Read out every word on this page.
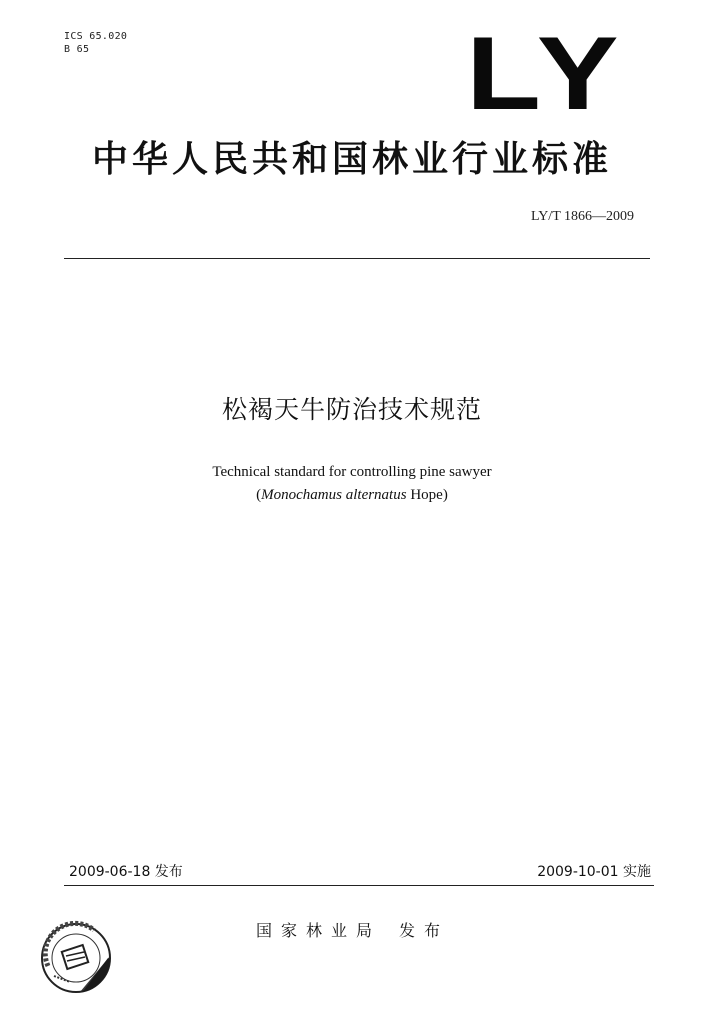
ICS 65.020
B 65	LY
中华人民共和国林业行业标准
LY/T 1866—2009
松褐天牛防治技术规范
Technical standard for controlling pine sawyer
(Monochamus alternatus Hope)
2009-06-18 发布	2009-10-01 实施
国家林业局 发布
